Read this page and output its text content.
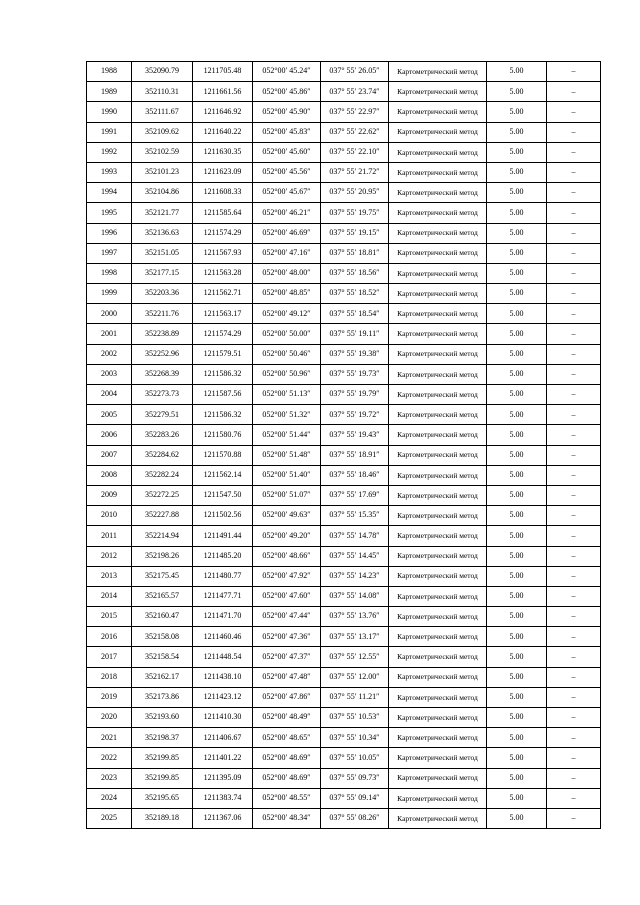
1988	352090.79	1211705.48	052°00′ 45.24″	037° 55′ 26.05″	Картометрический метод	5.00	–
1989	352110.31	1211661.56	052°00′ 45.86″	037° 55′ 23.74″	Картометрический метод	5.00	–
1990	352111.67	1211646.92	052°00′ 45.90″	037° 55′ 22.97″	Картометрический метод	5.00	–
1991	352109.62	1211640.22	052°00′ 45.83″	037° 55′ 22.62″	Картометрический метод	5.00	–
1992	352102.59	1211630.35	052°00′ 45.60″	037° 55′ 22.10″	Картометрический метод	5.00	–
1993	352101.23	1211623.09	052°00′ 45.56″	037° 55′ 21.72″	Картометрический метод	5.00	–
1994	352104.86	1211608.33	052°00′ 45.67″	037° 55′ 20.95″	Картометрический метод	5.00	–
1995	352121.77	1211585.64	052°00′ 46.21″	037° 55′ 19.75″	Картометрический метод	5.00	–
1996	352136.63	1211574.29	052°00′ 46.69″	037° 55′ 19.15″	Картометрический метод	5.00	–
1997	352151.05	1211567.93	052°00′ 47.16″	037° 55′ 18.81″	Картометрический метод	5.00	–
1998	352177.15	1211563.28	052°00′ 48.00″	037° 55′ 18.56″	Картометрический метод	5.00	–
1999	352203.36	1211562.71	052°00′ 48.85″	037° 55′ 18.52″	Картометрический метод	5.00	–
2000	352211.76	1211563.17	052°00′ 49.12″	037° 55′ 18.54″	Картометрический метод	5.00	–
2001	352238.89	1211574.29	052°00′ 50.00″	037° 55′ 19.11″	Картометрический метод	5.00	–
2002	352252.96	1211579.51	052°00′ 50.46″	037° 55′ 19.38″	Картометрический метод	5.00	–
2003	352268.39	1211586.32	052°00′ 50.96″	037° 55′ 19.73″	Картометрический метод	5.00	–
2004	352273.73	1211587.56	052°00′ 51.13″	037° 55′ 19.79″	Картометрический метод	5.00	–
2005	352279.51	1211586.32	052°00′ 51.32″	037° 55′ 19.72″	Картометрический метод	5.00	–
2006	352283.26	1211580.76	052°00′ 51.44″	037° 55′ 19.43″	Картометрический метод	5.00	–
2007	352284.62	1211570.88	052°00′ 51.48″	037° 55′ 18.91″	Картометрический метод	5.00	–
2008	352282.24	1211562.14	052°00′ 51.40″	037° 55′ 18.46″	Картометрический метод	5.00	–
2009	352272.25	1211547.50	052°00′ 51.07″	037° 55′ 17.69″	Картометрический метод	5.00	–
2010	352227.88	1211502.56	052°00′ 49.63″	037° 55′ 15.35″	Картометрический метод	5.00	–
2011	352214.94	1211491.44	052°00′ 49.20″	037° 55′ 14.78″	Картометрический метод	5.00	–
2012	352198.26	1211485.20	052°00′ 48.66″	037° 55′ 14.45″	Картометрический метод	5.00	–
2013	352175.45	1211480.77	052°00′ 47.92″	037° 55′ 14.23″	Картометрический метод	5.00	–
2014	352165.57	1211477.71	052°00′ 47.60″	037° 55′ 14.08″	Картометрический метод	5.00	–
2015	352160.47	1211471.70	052°00′ 47.44″	037° 55′ 13.76″	Картометрический метод	5.00	–
2016	352158.08	1211460.46	052°00′ 47.36″	037° 55′ 13.17″	Картометрический метод	5.00	–
2017	352158.54	1211448.54	052°00′ 47.37″	037° 55′ 12.55″	Картометрический метод	5.00	–
2018	352162.17	1211438.10	052°00′ 47.48″	037° 55′ 12.00″	Картометрический метод	5.00	–
2019	352173.86	1211423.12	052°00′ 47.86″	037° 55′ 11.21″	Картометрический метод	5.00	–
2020	352193.60	1211410.30	052°00′ 48.49″	037° 55′ 10.53″	Картометрический метод	5.00	–
2021	352198.37	1211406.67	052°00′ 48.65″	037° 55′ 10.34″	Картометрический метод	5.00	–
2022	352199.85	1211401.22	052°00′ 48.69″	037° 55′ 10.05″	Картометрический метод	5.00	–
2023	352199.85	1211395.09	052°00′ 48.69″	037° 55′ 09.73″	Картометрический метод	5.00	–
2024	352195.65	1211383.74	052°00′ 48.55″	037° 55′ 09.14″	Картометрический метод	5.00	–
2025	352189.18	1211367.06	052°00′ 48.34″	037° 55′ 08.26″	Картометрический метод	5.00	–
